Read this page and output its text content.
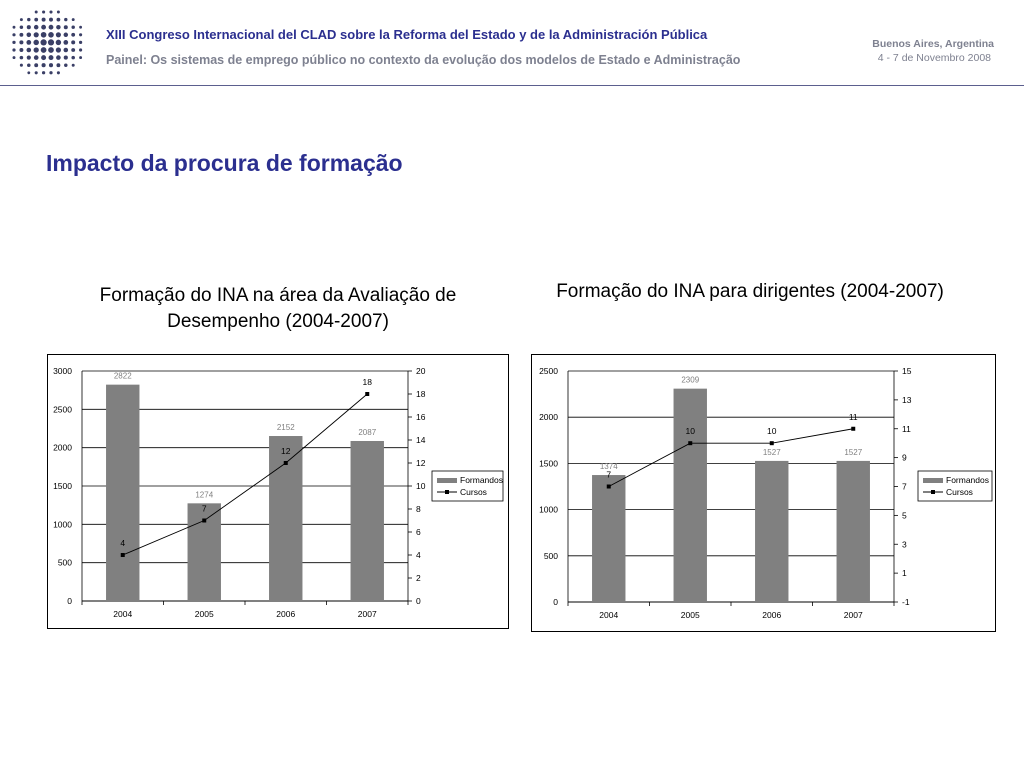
XIII Congreso Internacional del CLAD sobre la Reforma del Estado y de la Administración Pública
Painel: Os sistemas de emprego público no contexto da evolução dos modelos de Estado e Administração
Buenos Aires, Argentina
4 - 7 de Novembro 2008
Impacto da procura de formação
Formação do INA na área da Avaliação de Desempenho (2004-2007)
Formação do INA para dirigentes (2004-2007)
0
500
1000
1500
2000
2500
3000
0
2
4
6
8
10
12
14
16
18
20
2004	2005	2006	2007
2822
1274
2152
2087
4
7
12
18
Formandos
Cursos
0
500
1000
1500
2000
2500
-1
1
3
5
7
9
11
13
15
2004	2005	2006	2007
1374
2309
1527	1527
7
10	10
11
Formandos
Cursos
